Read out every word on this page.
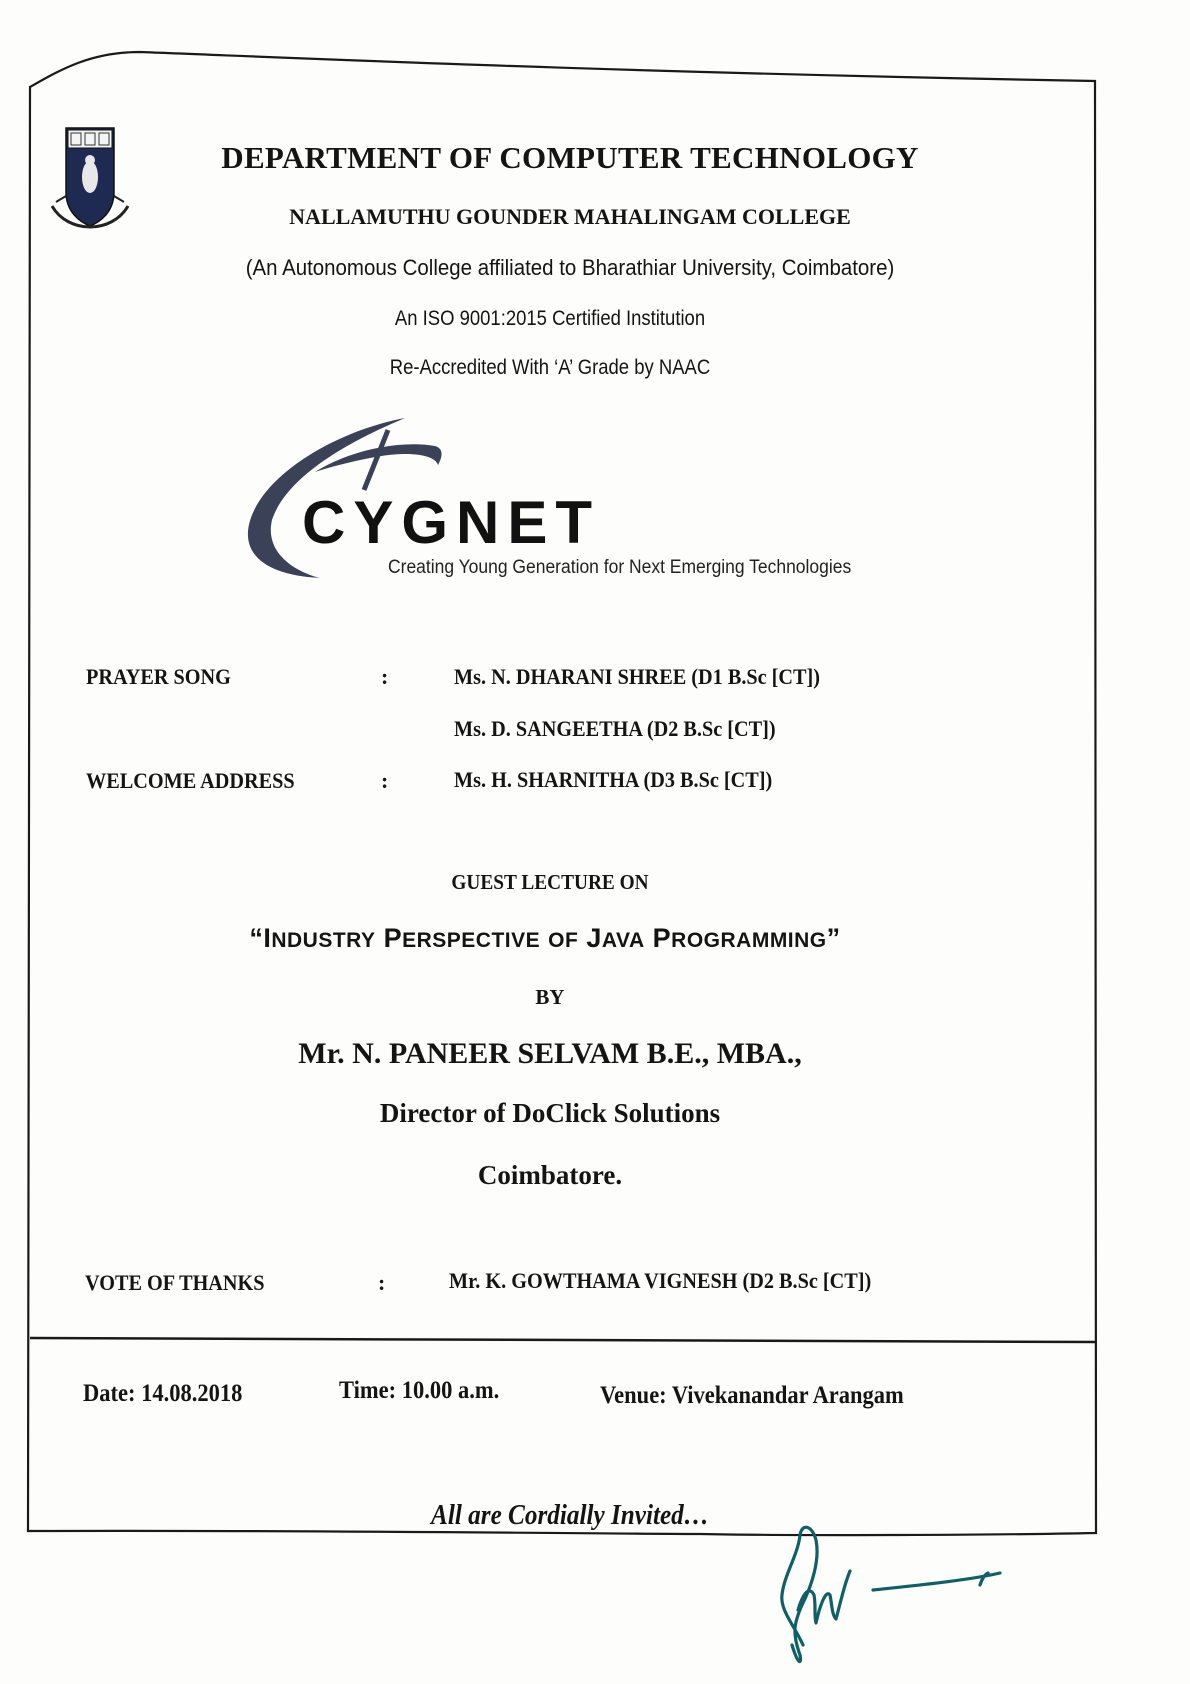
DEPARTMENT OF COMPUTER TECHNOLOGY
NALLAMUTHU GOUNDER MAHALINGAM COLLEGE
(An Autonomous College affiliated to Bharathiar University, Coimbatore)
An ISO 9001:2015 Certified Institution
Re-Accredited With ‘A’ Grade by NAAC
CYGNET
Creating Young Generation for Next Emerging Technologies
PRAYER SONG	:	Ms. N. DHARANI SHREE (D1 B.Sc [CT])
Ms. D. SANGEETHA (D2 B.Sc [CT])
WELCOME ADDRESS	:	Ms. H. SHARNITHA (D3 B.Sc [CT])
GUEST LECTURE ON
“INDUSTRY PERSPECTIVE OF JAVA PROGRAMMING”
BY
Mr. N. PANEER SELVAM B.E., MBA.,
Director of DoClick Solutions
Coimbatore.
VOTE OF THANKS	:	Mr. K. GOWTHAMA VIGNESH (D2 B.Sc [CT])
Date: 14.08.2018	Time: 10.00 a.m.	Venue: Vivekanandar Arangam
All are Cordially Invited…
